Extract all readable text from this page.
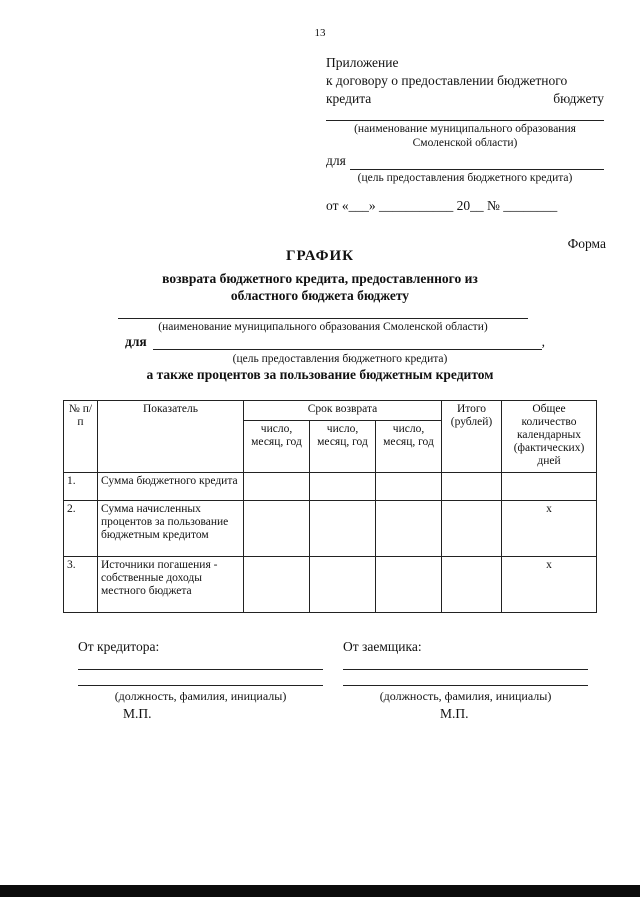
13
Приложение
к договору о предоставлении бюджетного
кредита	бюджету
(наименование муниципального образования Смоленской области)
для
(цель предоставления бюджетного кредита)
от «___» ___________ 20__ № ________
Форма
ГРАФИК
возврата бюджетного кредита, предоставленного из областного бюджета бюджету
(наименование муниципального образования Смоленской области)
для	,
(цель предоставления бюджетного кредита)
а также процентов за пользование бюджетным кредитом
№ п/п	Показатель	Срок возврата			Итого (рублей)	Общее количество календарных (фактических) дней
		число, месяц, год	число, месяц, год	число, месяц, год		
1.	Сумма бюджетного кредита					
2.	Сумма начисленных процентов за пользование бюджетным кредитом					x
3.	Источники погашения - собственные доходы местного бюджета					x
От кредитора:	От заемщика:
(должность, фамилия, инициалы)	(должность, фамилия, инициалы)
М.П.	М.П.
